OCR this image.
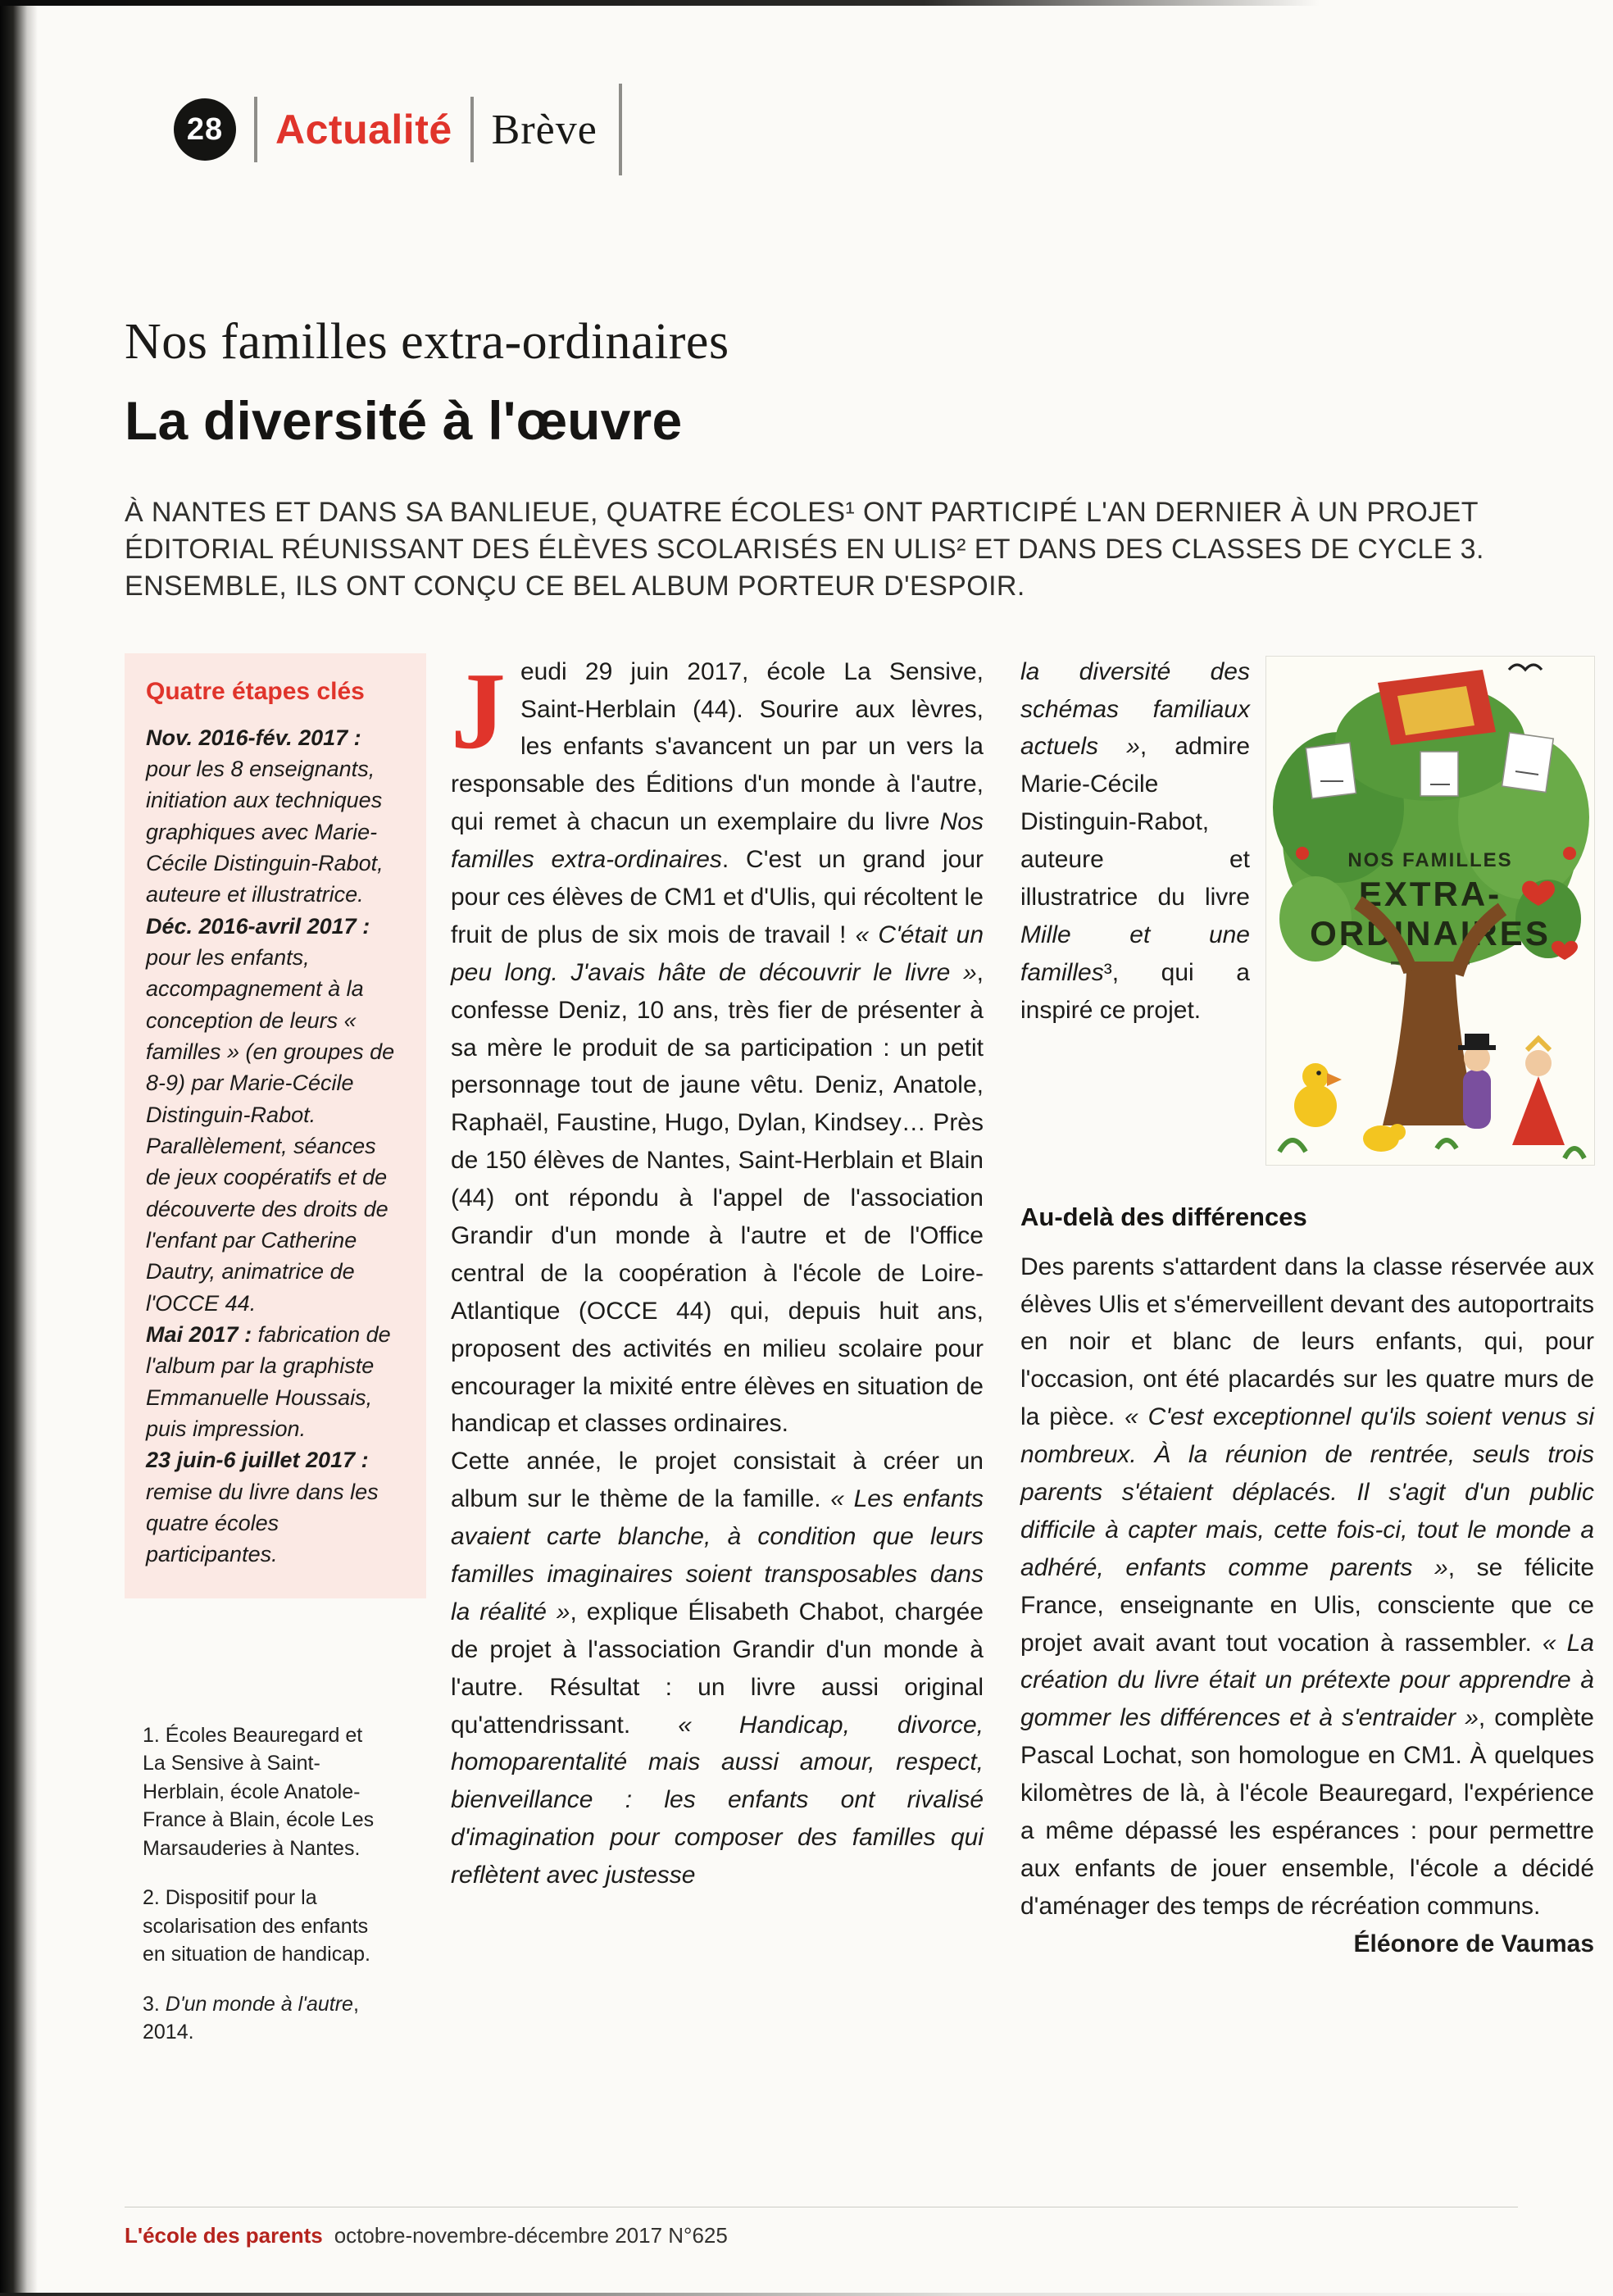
28 Actualité Brève
Nos familles extra-ordinaires
La diversité à l'œuvre

À NANTES ET DANS SA BANLIEUE, QUATRE ÉCOLES¹ ONT PARTICIPÉ L'AN DERNIER À UN PROJET ÉDITORIAL RÉUNISSANT DES ÉLÈVES SCOLARISÉS EN ULIS² ET DANS DES CLASSES DE CYCLE 3. ENSEMBLE, ILS ONT CONÇU CE BEL ALBUM PORTEUR D'ESPOIR.

Quatre étapes clés

Nov. 2016-fév. 2017 : pour les 8 enseignants, initiation aux techniques graphiques avec Marie-Cécile Distinguin-Rabot, auteure et illustratrice.

Déc. 2016-avril 2017 : pour les enfants, accompagnement à la conception de leurs « familles » (en groupes de 8-9) par Marie-Cécile Distinguin-Rabot. Parallèlement, séances de jeux coopératifs et de découverte des droits de l'enfant par Catherine Dautry, animatrice de l'OCCE 44.

Mai 2017 : fabrication de l'album par la graphiste Emmanuelle Houssais, puis impression.

23 juin-6 juillet 2017 : remise du livre dans les quatre écoles participantes.

1. Écoles Beauregard et La Sensive à Saint-Herblain, école Anatole-France à Blain, école Les Marsauderies à Nantes.

2. Dispositif pour la scolarisation des enfants en situation de handicap.

3. D'un monde à l'autre, 2014.

Jeudi 29 juin 2017, école La Sensive, Saint-Herblain (44). Sourire aux lèvres, les enfants s'avancent un par un vers la responsable des Éditions d'un monde à l'autre, qui remet à chacun un exemplaire du livre Nos familles extra-ordinaires. C'est un grand jour pour ces élèves de CM1 et d'Ulis, qui récoltent le fruit de plus de six mois de travail ! « C'était un peu long. J'avais hâte de découvrir le livre », confesse Deniz, 10 ans, très fier de présenter à sa mère le produit de sa participation : un petit personnage tout de jaune vêtu. Deniz, Anatole, Raphaël, Faustine, Hugo, Dylan, Kindsey… Près de 150 élèves de Nantes, Saint-Herblain et Blain (44) ont répondu à l'appel de l'association Grandir d'un monde à l'autre et de l'Office central de la coopération à l'école de Loire-Atlantique (OCCE 44) qui, depuis huit ans, proposent des activités en milieu scolaire pour encourager la mixité entre élèves en situation de handicap et classes ordinaires.

Cette année, le projet consistait à créer un album sur le thème de la famille. « Les enfants avaient carte blanche, à condition que leurs familles imaginaires soient transposables dans la réalité », explique Élisabeth Chabot, chargée de projet à l'association Grandir d'un monde à l'autre. Résultat : un livre aussi original qu'attendrissant. « Handicap, divorce, homoparentalité mais aussi amour, respect, bienveillance : les enfants ont rivalisé d'imagination pour composer des familles qui reflètent avec justesse

la diversité des schémas familiaux actuels », admire Marie-Cécile Distinguin-Rabot, auteure et illustratrice du livre Mille et une familles³, qui a inspiré ce projet.

NOS FAMILLES
EXTRA-
ORDINAIRES
Au-delà des différences

Des parents s'attardent dans la classe réservée aux élèves Ulis et s'émerveillent devant des autoportraits en noir et blanc de leurs enfants, qui, pour l'occasion, ont été placardés sur les quatre murs de la pièce. « C'est exceptionnel qu'ils soient venus si nombreux. À la réunion de rentrée, seuls trois parents s'étaient déplacés. Il s'agit d'un public difficile à capter mais, cette fois-ci, tout le monde a adhéré, enfants comme parents », se félicite France, enseignante en Ulis, consciente que ce projet avait avant tout vocation à rassembler. « La création du livre était un prétexte pour apprendre à gommer les différences et à s'entraider », complète Pascal Lochat, son homologue en CM1. À quelques kilomètres de là, à l'école Beauregard, l'expérience a même dépassé les espérances : pour permettre aux enfants de jouer ensemble, l'école a décidé d'aménager des temps de récréation communs.
Éléonore de Vaumas

L'école des parents octobre-novembre-décembre 2017 N°625
